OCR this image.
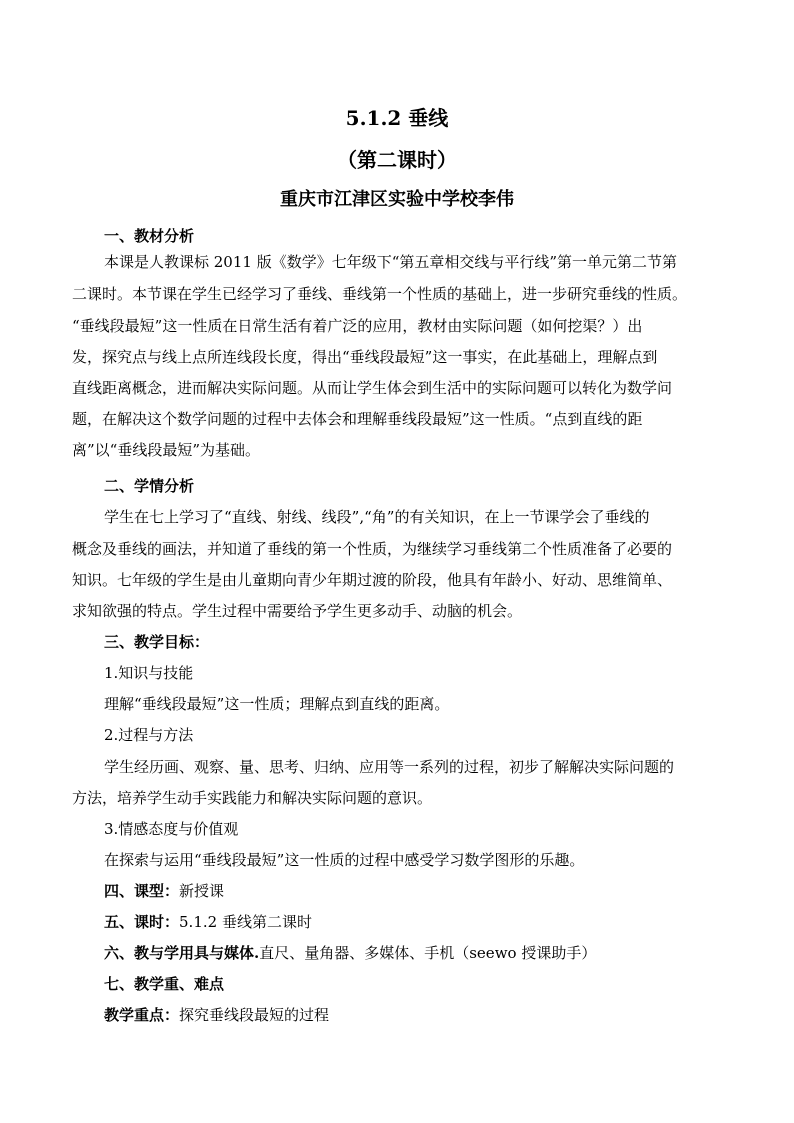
5.1.2 垂线
（第二课时）
重庆市江津区实验中学校李伟
一、教材分析
本课是人教课标 2011 版《数学》七年级下“第五章相交线与平行线”第一单元第二节第
二课时。本节课在学生已经学习了垂线、垂线第一个性质的基础上，进一步研究垂线的性质。
“垂线段最短”这一性质在日常生活有着广泛的应用，教材由实际问题（如何挖渠？）出
发，探究点与线上点所连线段长度，得出“垂线段最短”这一事实，在此基础上，理解点到
直线距离概念，进而解决实际问题。从而让学生体会到生活中的实际问题可以转化为数学问
题，在解决这个数学问题的过程中去体会和理解垂线段最短”这一性质。“点到直线的距
离”以“垂线段最短”为基础。
二、学情分析
学生在七上学习了“直线、射线、线段”,“角”的有关知识，在上一节课学会了垂线的
概念及垂线的画法，并知道了垂线的第一个性质，为继续学习垂线第二个性质准备了必要的
知识。七年级的学生是由儿童期向青少年期过渡的阶段，他具有年龄小、好动、思维简单、
求知欲强的特点。学生过程中需要给予学生更多动手、动脑的机会。
三、教学目标：
1.知识与技能
理解“垂线段最短”这一性质；理解点到直线的距离。
2.过程与方法
学生经历画、观察、量、思考、归纳、应用等一系列的过程，初步了解解决实际问题的
方法，培养学生动手实践能力和解决实际问题的意识。
3.情感态度与价值观
在探索与运用“垂线段最短”这一性质的过程中感受学习数学图形的乐趣。
四、课型：新授课
五、课时：5.1.2 垂线第二课时
六、教与学用具与媒体.直尺、量角器、多媒体、手机（seewo 授课助手）
七、教学重、难点
教学重点：探究垂线段最短的过程
